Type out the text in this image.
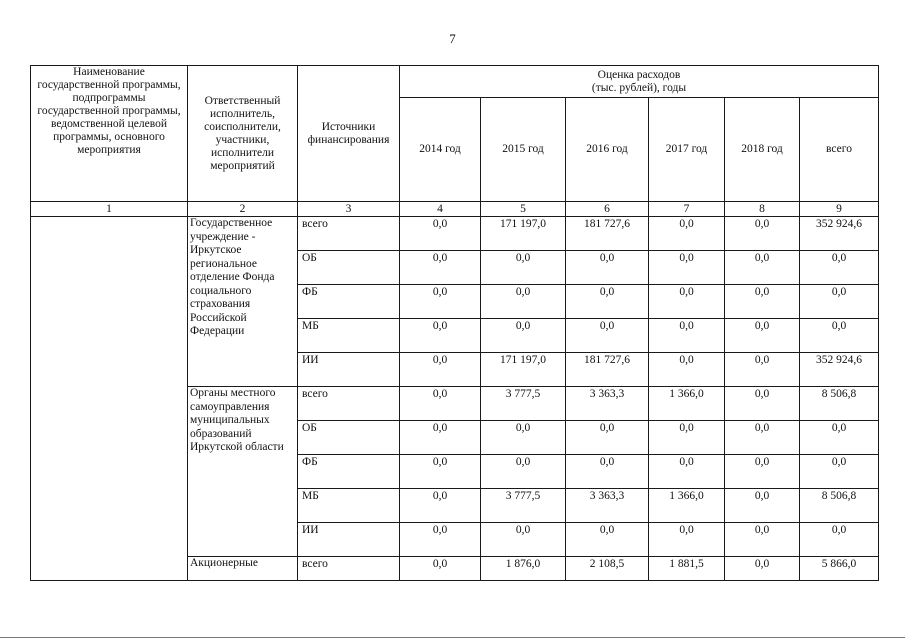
7
Наименование государственной программы, подпрограммы государственной программы, ведомственной целевой программы, основного мероприятия	Ответственный исполнитель, соисполнители, участники, исполнители мероприятий	Источники финансирования	Оценка расходов
(тыс. рублей), годы					

			2014 год	2015 год	2016 год	2017 год	2018 год	всего
1	2	3	4	5	6	7	8	9
	Государственное учреждение - Иркутское региональное отделение Фонда социального страхования Российской Федерации	всего	0,0	171 197,0	181 727,6	0,0	0,0	352 924,6
		ОБ	0,0	0,0	0,0	0,0	0,0	0,0
		ФБ	0,0	0,0	0,0	0,0	0,0	0,0
		МБ	0,0	0,0	0,0	0,0	0,0	0,0
		ИИ	0,0	171 197,0	181 727,6	0,0	0,0	352 924,6
	Органы местного самоуправления муниципальных образований Иркутской области	всего	0,0	3 777,5	3 363,3	1 366,0	0,0	8 506,8
		ОБ	0,0	0,0	0,0	0,0	0,0	0,0
		ФБ	0,0	0,0	0,0	0,0	0,0	0,0
		МБ	0,0	3 777,5	3 363,3	1 366,0	0,0	8 506,8
		ИИ	0,0	0,0	0,0	0,0	0,0	0,0
	Акционерные	всего	0,0	1 876,0	2 108,5	1 881,5	0,0	5 866,0
